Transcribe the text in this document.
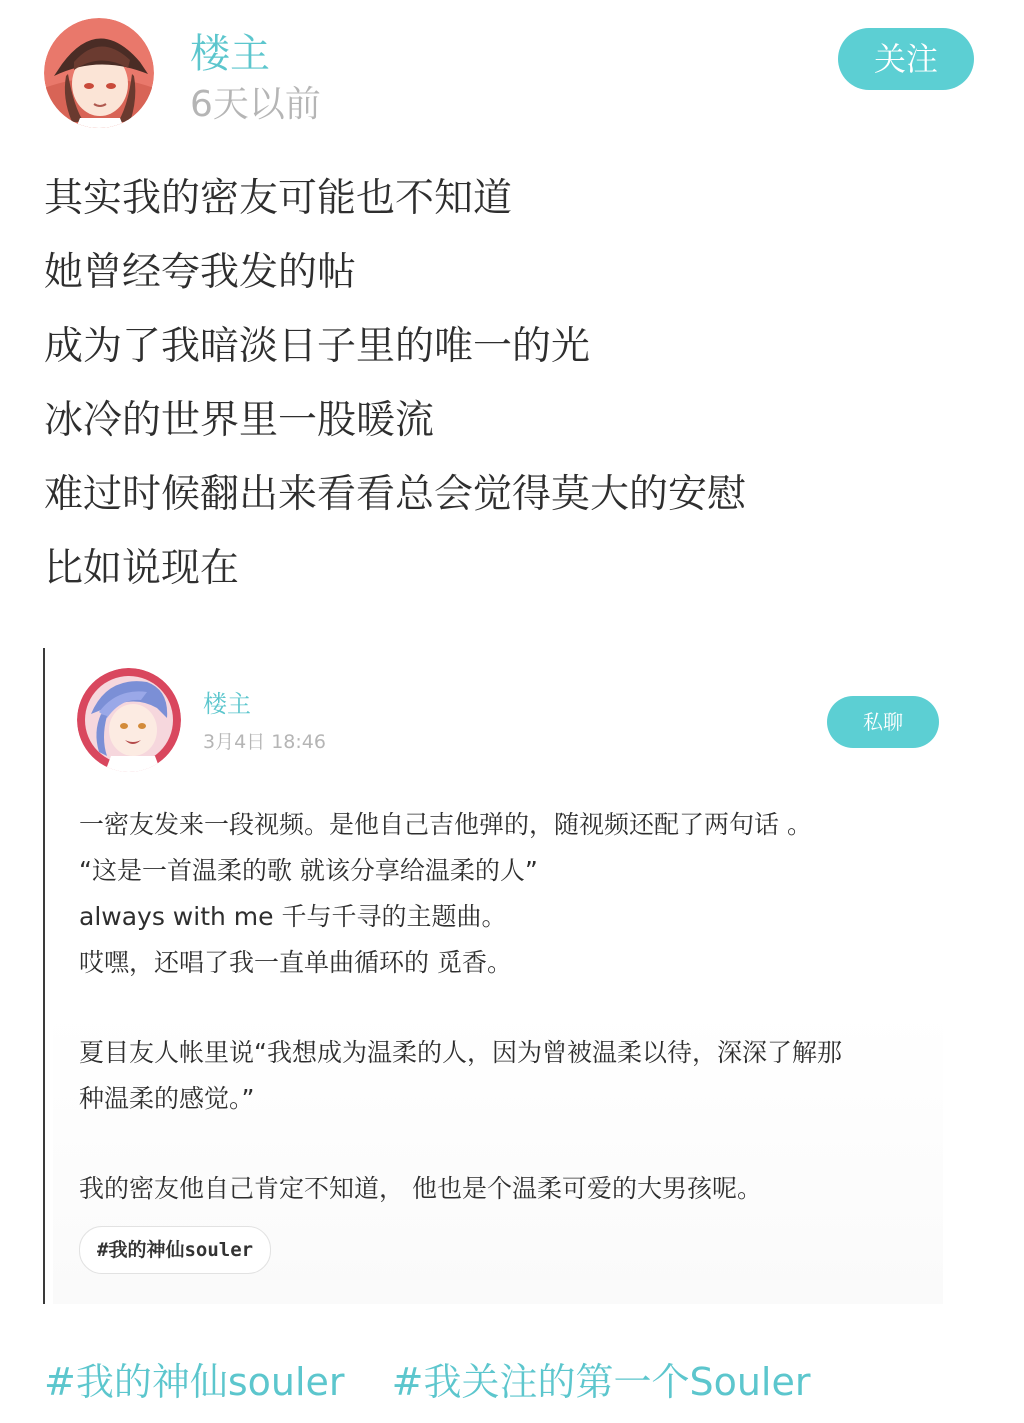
楼主
6天以前
关注
其实我的密友可能也不知道
她曾经夸我发的帖
成为了我暗淡日子里的唯一的光
冰冷的世界里一股暖流
难过时候翻出来看看总会觉得莫大的安慰
比如说现在
楼主
3月4日 18:46
私聊
一密友发来一段视频。是他自己吉他弹的，随视频还配了两句话 。
“这是一首温柔的歌 就该分享给温柔的人”
always with me 千与千寻的主题曲。
哎嘿，还唱了我一直单曲循环的 觅香。
夏目友人帐里说“我想成为温柔的人，因为曾被温柔以待，深深了解那
种温柔的感觉。”
我的密友他自己肯定不知道， 他也是个温柔可爱的大男孩呢。
#我的神仙souler
#我的神仙souler #我关注的第一个Souler
